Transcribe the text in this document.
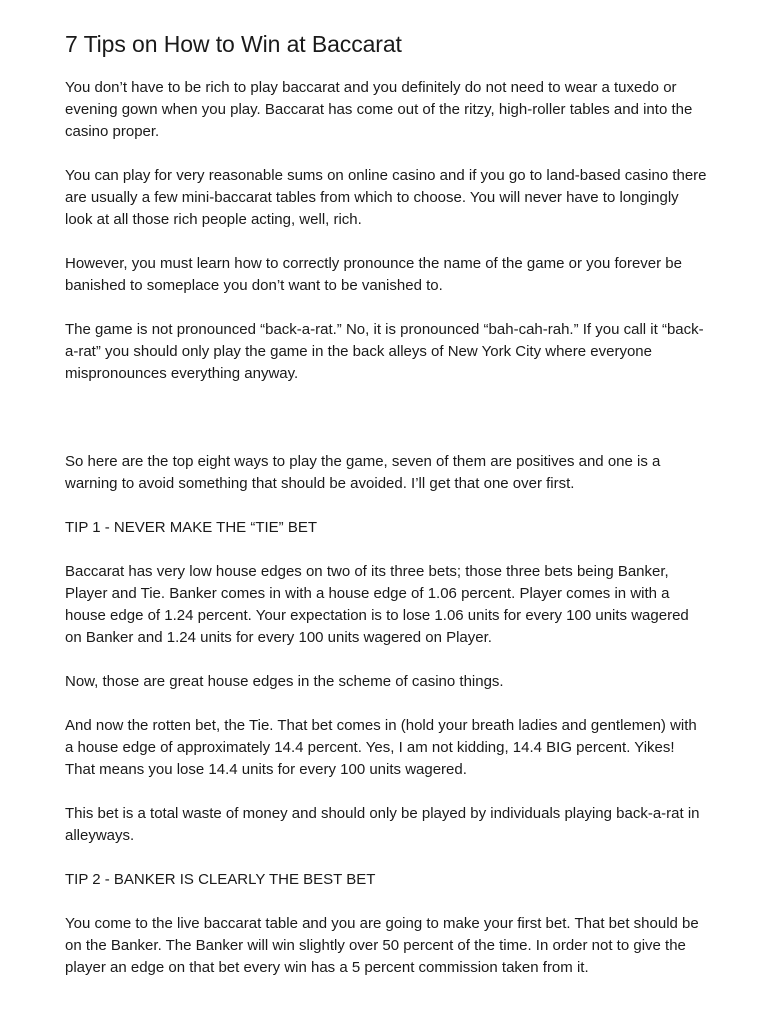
7 Tips on How to Win at Baccarat

You don’t have to be rich to play baccarat and you definitely do not need to wear a tuxedo or evening gown when you play. Baccarat has come out of the ritzy, high-roller tables and into the casino proper.

You can play for very reasonable sums on online casino and if you go to land-based casino there are usually a few mini-baccarat tables from which to choose. You will never have to longingly look at all those rich people acting, well, rich.

However, you must learn how to correctly pronounce the name of the game or you forever be banished to someplace you don’t want to be vanished to.

The game is not pronounced “back-a-rat.” No, it is pronounced “bah-cah-rah.” If you call it “back-a-rat” you should only play the game in the back alleys of New York City where everyone mispronounces everything anyway.

So here are the top eight ways to play the game, seven of them are positives and one is a warning to avoid something that should be avoided. I’ll get that one over first.

TIP 1 - NEVER MAKE THE “TIE” BET

Baccarat has very low house edges on two of its three bets; those three bets being Banker, Player and Tie. Banker comes in with a house edge of 1.06 percent. Player comes in with a house edge of 1.24 percent. Your expectation is to lose 1.06 units for every 100 units wagered on Banker and 1.24 units for every 100 units wagered on Player.

Now, those are great house edges in the scheme of casino things.

And now the rotten bet, the Tie. That bet comes in (hold your breath ladies and gentlemen) with a house edge of approximately 14.4 percent. Yes, I am not kidding, 14.4 BIG percent. Yikes! That means you lose 14.4 units for every 100 units wagered.

This bet is a total waste of money and should only be played by individuals playing back-a-rat in alleyways.

TIP 2 - BANKER IS CLEARLY THE BEST BET

You come to the live baccarat table and you are going to make your first bet. That bet should be on the Banker. The Banker will win slightly over 50 percent of the time. In order not to give the player an edge on that bet every win has a 5 percent commission taken from it.
